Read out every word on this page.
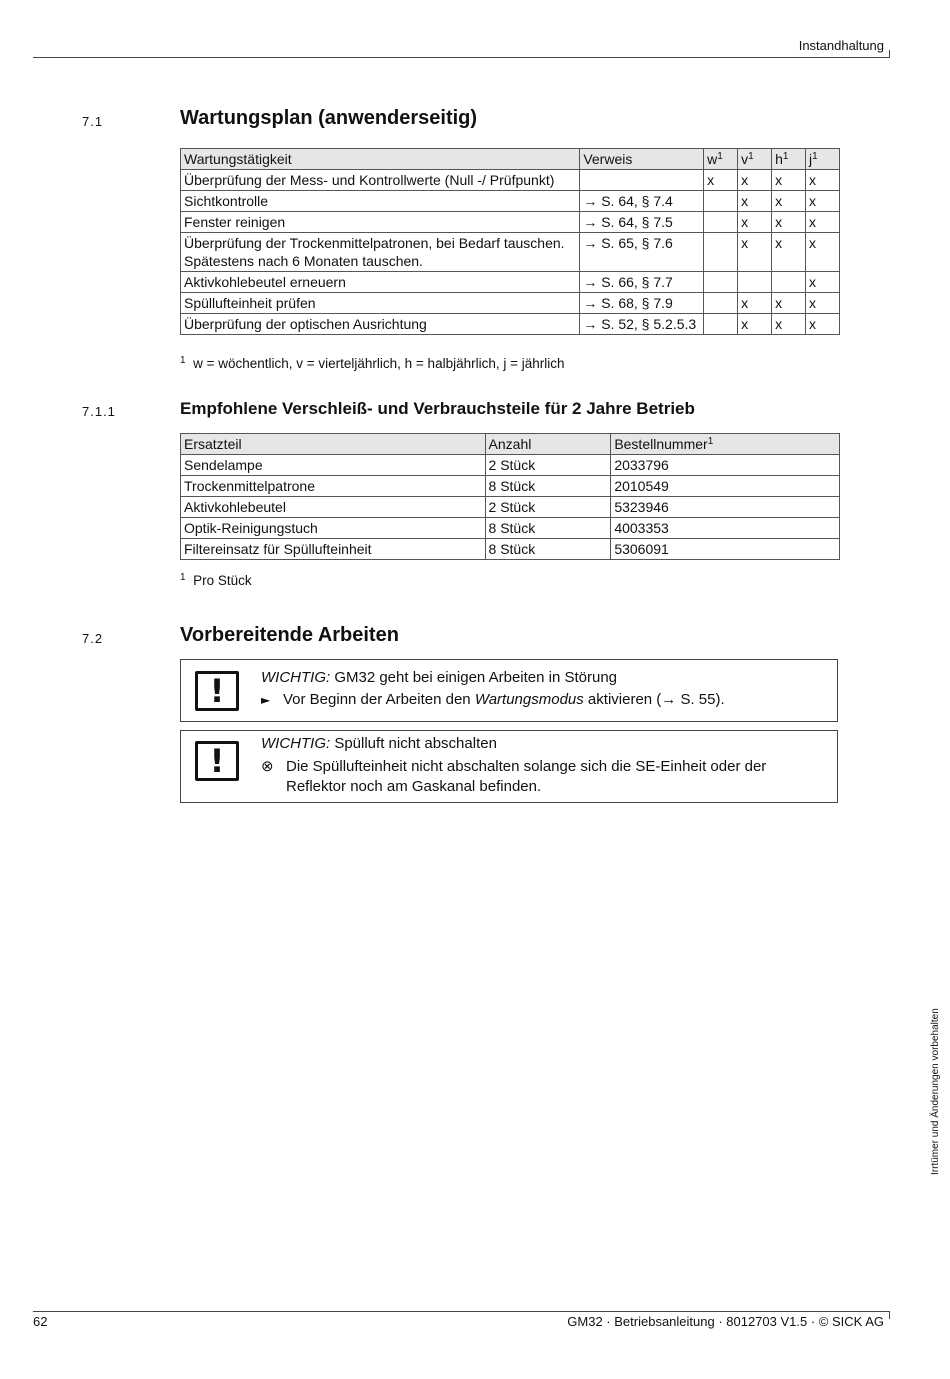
Instandhaltung
7.1	Wartungsplan (anwenderseitig)
Wartungstätigkeit	Verweis	$w^1$	$v^1$	$h^1$	$j^1$
Überprüfung der Mess- und Kontrollwerte (Null -/ Prüfpunkt)		x	x	x	x
Sichtkontrolle	→ S. 64, § 7.4		x	x	x
Fenster reinigen	→ S. 64, § 7.5		x	x	x

Überprüfung der Trockenmittelpatronen, bei Bedarf tauschen.
Spätestens nach 6 Monaten tauschen.	→ S. 65, § 7.6		x	x	x
Aktivkohlebeutel erneuern	→ S. 66, § 7.7				x
Spüllufteinheit prüfen	→ S. 68, § 7.9		x	x	x
Überprüfung der optischen Ausrichtung	→ S. 52, § 5.2.5.3		x	x	x
$^1$ w = wöchentlich, v = vierteljährlich, h = halbjährlich, j = jährlich
7.1.1	Empfohlene Verschleiß- und Verbrauchsteile für 2 Jahre Betrieb
Ersatzteil	Anzahl	Bestellnummer$^1$
Sendelampe	2 Stück	2033796
Trockenmittelpatrone	8 Stück	2010549
Aktivkohlebeutel	2 Stück	5323946
Optik-Reinigungstuch	8 Stück	4003353
Filtereinsatz für Spüllufteinheit	8 Stück	5306091
$^1$ Pro Stück
7.2	Vorbereitende Arbeiten
!	WICHTIG: GM32 geht bei einigen Arbeiten in Störung
► Vor Beginn der Arbeiten den Wartungsmodus aktivieren (→ S. 55).
!	WICHTIG: Spülluft nicht abschalten
⊗ Die Spüllufteinheit nicht abschalten solange sich die SE-Einheit oder der Reflektor noch am Gaskanal befinden.
Irrtümer und Änderungen vorbehalten
62	GM32 · Betriebsanleitung · 8012703 V1.5 · © SICK AG
